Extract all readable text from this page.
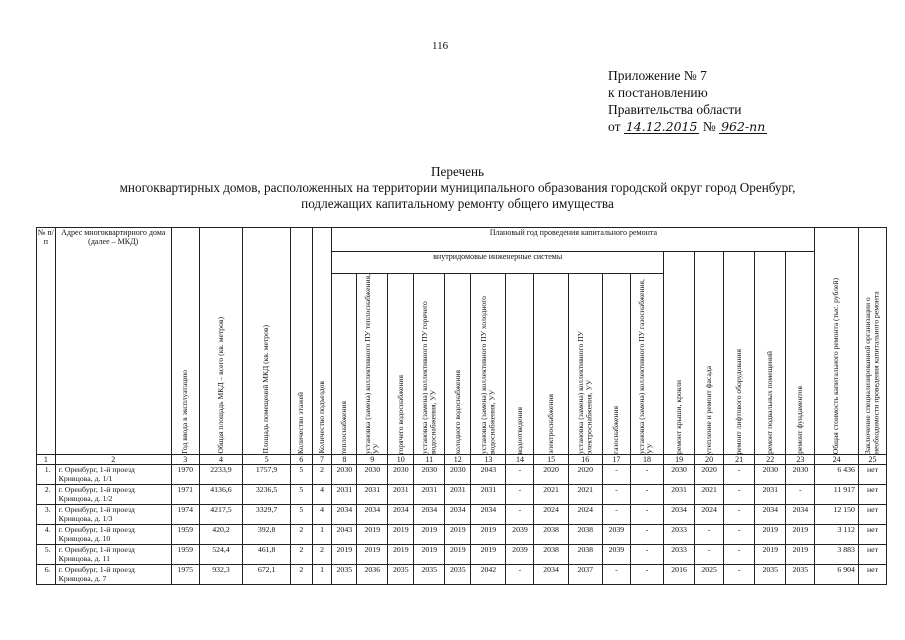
116
Приложение № 7
к постановлению
Правительства области
от 14.12.2015 № 962-пп
Перечень
многоквартирных домов, расположенных на территории муниципального образования городской округ город Оренбург,
подлежащих капитальному ремонту общего имущества
№ п/п	Адрес многоквартирного дома (далее – МКД)	Год ввода в эксплуатацию	Общая площадь МКД – всего (кв. метров)	Площадь помещений МКД (кв. метров)	Количество этажей	Количество подъездов	Плановый год проведения капитального ремонта																Общая стоимость капитального ремонта (тыс. рублей)	Заключение специализированной организации о необходимости проведения капитального ремонта

							внутридомовые инженерные системы											ремонт крыши, кровли	утепление и ремонт фасада	ремонт лифтового оборудования	ремонт подвальных помещений	ремонт фундаментов		

							теплоснабжения	установка (замена) коллективного ПУ теплоснабжения, УУ	горячего водоснабжения	установка (замена) коллективного ПУ горячего водоснабжения, УУ	холодного водоснабжения	установка (замена) коллективного ПУ холодного водоснабжения, УУ	водоотведения	электроснабжения	установка (замена) коллективного ПУ электроснабжения, УУ	газоснабжения	установка (замена) коллективного ПУ газоснабжения, УУ							

1	2	3	4	5	6	7	8	9	10	11	12	13	14	15	16	17	18	19	20	21	22	23	24	25
1.	г. Оренбург, 1-й проезд Кривцова, д. 1/1	1970	2233,9	1757,9	5	2	2030	2030	2030	2030	2030	2043	-	2020	2020	-	-	2030	2020	-	2030	2030	6 436	нет
2.	г. Оренбург, 1-й проезд Кривцова, д. 1/2	1971	4136,6	3236,5	5	4	2031	2031	2031	2031	2031	2031	-	2021	2021	-	-	2031	2021	-	2031	-	11 917	нет
3.	г. Оренбург, 1-й проезд Кривцова, д. 1/3	1974	4217,5	3329,7	5	4	2034	2034	2034	2034	2034	2034	-	2024	2024	-	-	2034	2024	-	2034	2034	12 150	нет
4.	г. Оренбург, 1-й проезд Кривцова, д. 10	1959	420,2	392,8	2	1	2043	2019	2019	2019	2019	2019	2039	2038	2038	2039	-	2033	-	-	2019	2019	3 112	нет
5.	г. Оренбург, 1-й проезд Кривцова, д. 11	1959	524,4	461,8	2	2	2019	2019	2019	2019	2019	2019	2039	2038	2038	2039	-	2033	-	-	2019	2019	3 883	нет
6.	г. Оренбург, 1-й проезд Кривцова, д. 7	1975	932,3	672,1	2	1	2035	2036	2035	2035	2035	2042	-	2034	2037	-	-	2016	2025	-	2035	2035	6 904	нет
